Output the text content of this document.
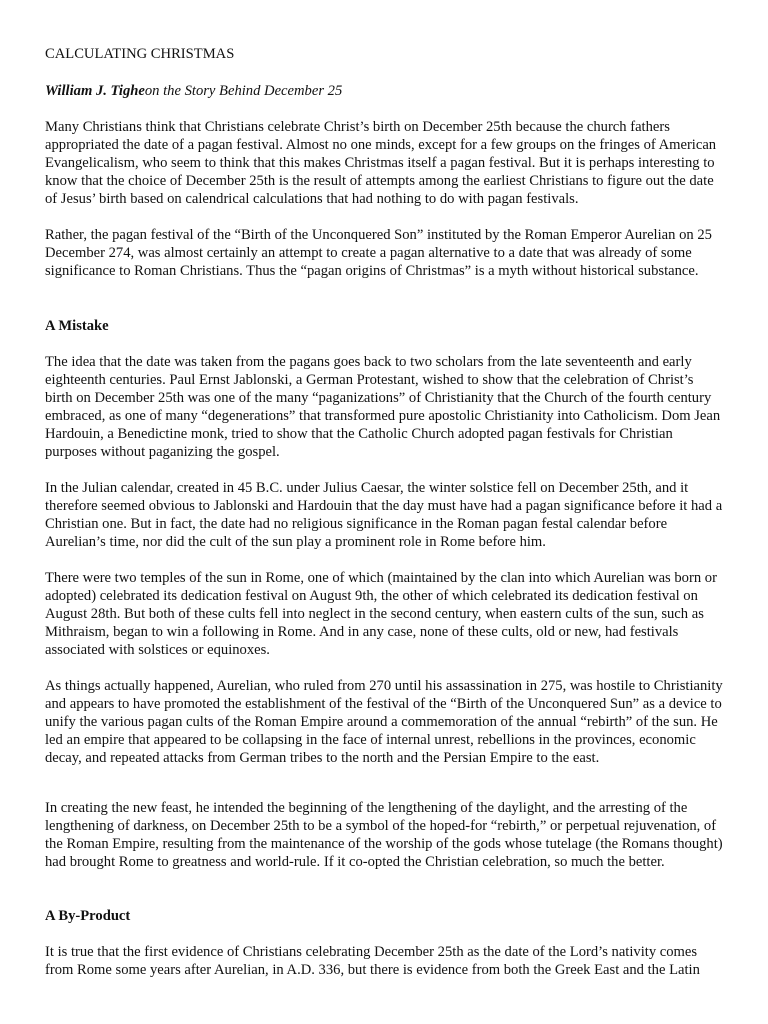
CALCULATING CHRISTMAS

William J. Tigheon the Story Behind December 25

Many Christians think that Christians celebrate Christ’s birth on December 25th because the church fathers appropriated the date of a pagan festival. Almost no one minds, except for a few groups on the fringes of American Evangelicalism, who seem to think that this makes Christmas itself a pagan festival. But it is perhaps interesting to know that the choice of December 25th is the result of attempts among the earliest Christians to figure out the date of Jesus’ birth based on calendrical calculations that had nothing to do with pagan festivals.

Rather, the pagan festival of the “Birth of the Unconquered Son” instituted by the Roman Emperor Aurelian on 25 December 274, was almost certainly an attempt to create a pagan alternative to a date that was already of some significance to Roman Christians. Thus the “pagan origins of Christmas” is a myth without historical substance.

A Mistake

The idea that the date was taken from the pagans goes back to two scholars from the late seventeenth and early eighteenth centuries. Paul Ernst Jablonski, a German Protestant, wished to show that the celebration of Christ’s birth on December 25th was one of the many “paganizations” of Christianity that the Church of the fourth century embraced, as one of many “degenerations” that transformed pure apostolic Christianity into Catholicism. Dom Jean Hardouin, a Benedictine monk, tried to show that the Catholic Church adopted pagan festivals for Christian purposes without paganizing the gospel.

In the Julian calendar, created in 45 B.C. under Julius Caesar, the winter solstice fell on December 25th, and it therefore seemed obvious to Jablonski and Hardouin that the day must have had a pagan significance before it had a Christian one. But in fact, the date had no religious significance in the Roman pagan festal calendar before Aurelian’s time, nor did the cult of the sun play a prominent role in Rome before him.

There were two temples of the sun in Rome, one of which (maintained by the clan into which Aurelian was born or adopted) celebrated its dedication festival on August 9th, the other of which celebrated its dedication festival on August 28th. But both of these cults fell into neglect in the second century, when eastern cults of the sun, such as Mithraism, began to win a following in Rome. And in any case, none of these cults, old or new, had festivals associated with solstices or equinoxes.

As things actually happened, Aurelian, who ruled from 270 until his assassination in 275, was hostile to Christianity and appears to have promoted the establishment of the festival of the “Birth of the Unconquered Sun” as a device to unify the various pagan cults of the Roman Empire around a commemoration of the annual “rebirth” of the sun. He led an empire that appeared to be collapsing in the face of internal unrest, rebellions in the provinces, economic decay, and repeated attacks from German tribes to the north and the Persian Empire to the east.

In creating the new feast, he intended the beginning of the lengthening of the daylight, and the arresting of the lengthening of darkness, on December 25th to be a symbol of the hoped-for “rebirth,” or perpetual rejuvenation, of the Roman Empire, resulting from the maintenance of the worship of the gods whose tutelage (the Romans thought) had brought Rome to greatness and world-rule. If it co-opted the Christian celebration, so much the better.

A By-Product

It is true that the first evidence of Christians celebrating December 25th as the date of the Lord’s nativity comes from Rome some years after Aurelian, in A.D. 336, but there is evidence from both the Greek East and the Latin
